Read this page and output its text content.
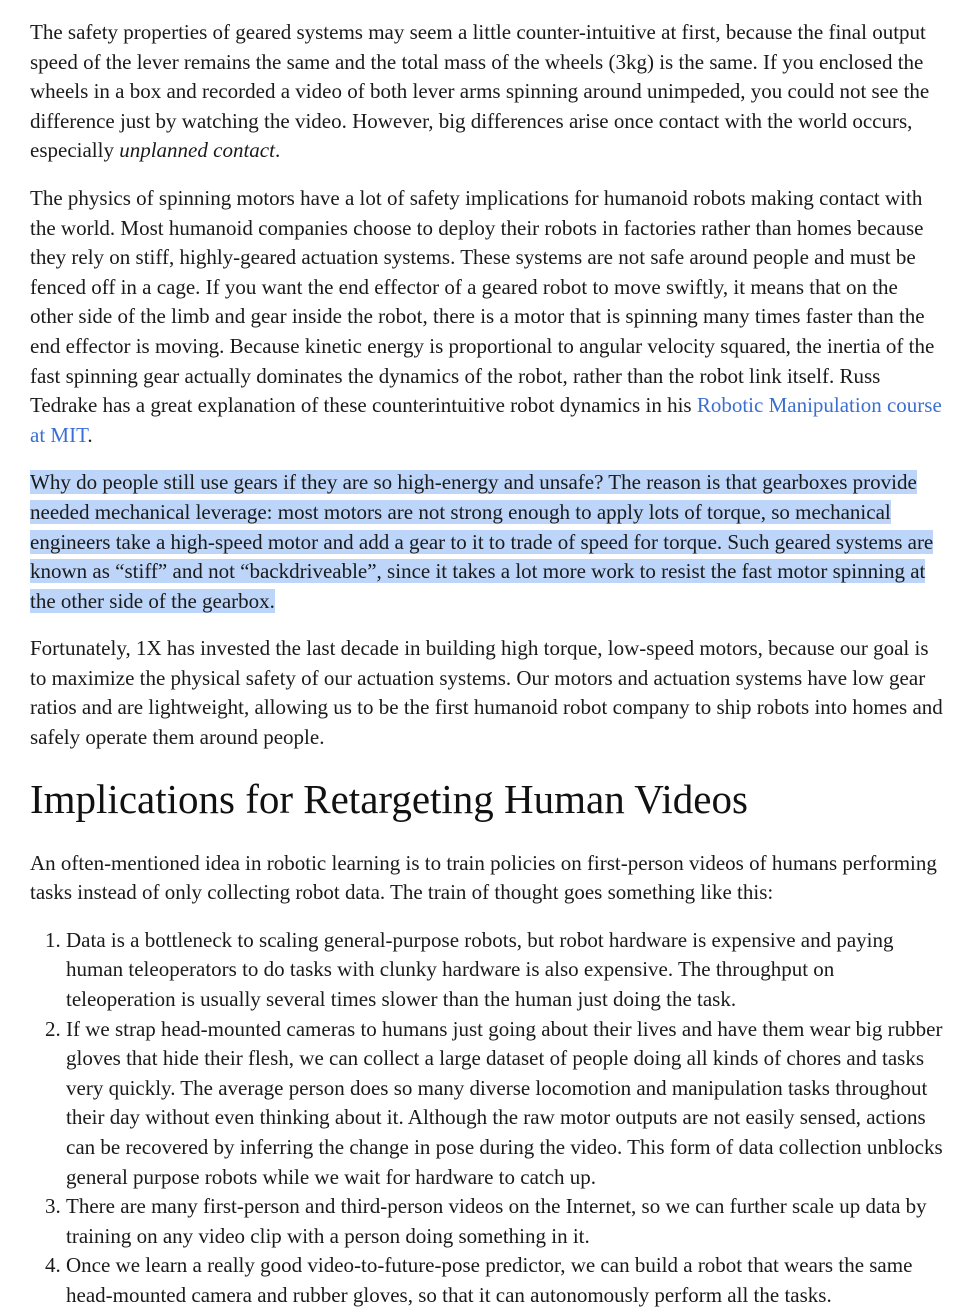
The safety properties of geared systems may seem a little counter-intuitive at first, because the final output speed of the lever remains the same and the total mass of the wheels (3kg) is the same. If you enclosed the wheels in a box and recorded a video of both lever arms spinning around unimpeded, you could not see the difference just by watching the video. However, big differences arise once contact with the world occurs, especially unplanned contact.

The physics of spinning motors have a lot of safety implications for humanoid robots making contact with the world. Most humanoid companies choose to deploy their robots in factories rather than homes because they rely on stiff, highly-geared actuation systems. These systems are not safe around people and must be fenced off in a cage. If you want the end effector of a geared robot to move swiftly, it means that on the other side of the limb and gear inside the robot, there is a motor that is spinning many times faster than the end effector is moving. Because kinetic energy is proportional to angular velocity squared, the inertia of the fast spinning gear actually dominates the dynamics of the robot, rather than the robot link itself. Russ Tedrake has a great explanation of these counterintuitive robot dynamics in his Robotic Manipulation course at MIT.

Why do people still use gears if they are so high-energy and unsafe? The reason is that gearboxes provide needed mechanical leverage: most motors are not strong enough to apply lots of torque, so mechanical engineers take a high-speed motor and add a gear to it to trade of speed for torque. Such geared systems are known as “stiff” and not “backdriveable”, since it takes a lot more work to resist the fast motor spinning at the other side of the gearbox.

Fortunately, 1X has invested the last decade in building high torque, low-speed motors, because our goal is to maximize the physical safety of our actuation systems. Our motors and actuation systems have low gear ratios and are lightweight, allowing us to be the first humanoid robot company to ship robots into homes and safely operate them around people.

Implications for Retargeting Human Videos

An often-mentioned idea in robotic learning is to train policies on first-person videos of humans performing tasks instead of only collecting robot data. The train of thought goes something like this:

1. Data is a bottleneck to scaling general-purpose robots, but robot hardware is expensive and paying human teleoperators to do tasks with clunky hardware is also expensive. The throughput on teleoperation is usually several times slower than the human just doing the task.
2. If we strap head-mounted cameras to humans just going about their lives and have them wear big rubber gloves that hide their flesh, we can collect a large dataset of people doing all kinds of chores and tasks very quickly. The average person does so many diverse locomotion and manipulation tasks throughout their day without even thinking about it. Although the raw motor outputs are not easily sensed, actions can be recovered by inferring the change in pose during the video. This form of data collection unblocks general purpose robots while we wait for hardware to catch up.
3. There are many first-person and third-person videos on the Internet, so we can further scale up data by training on any video clip with a person doing something in it.
4. Once we learn a really good video-to-future-pose predictor, we can build a robot that wears the same head-mounted camera and rubber gloves, so that it can autonomously perform all the tasks.
